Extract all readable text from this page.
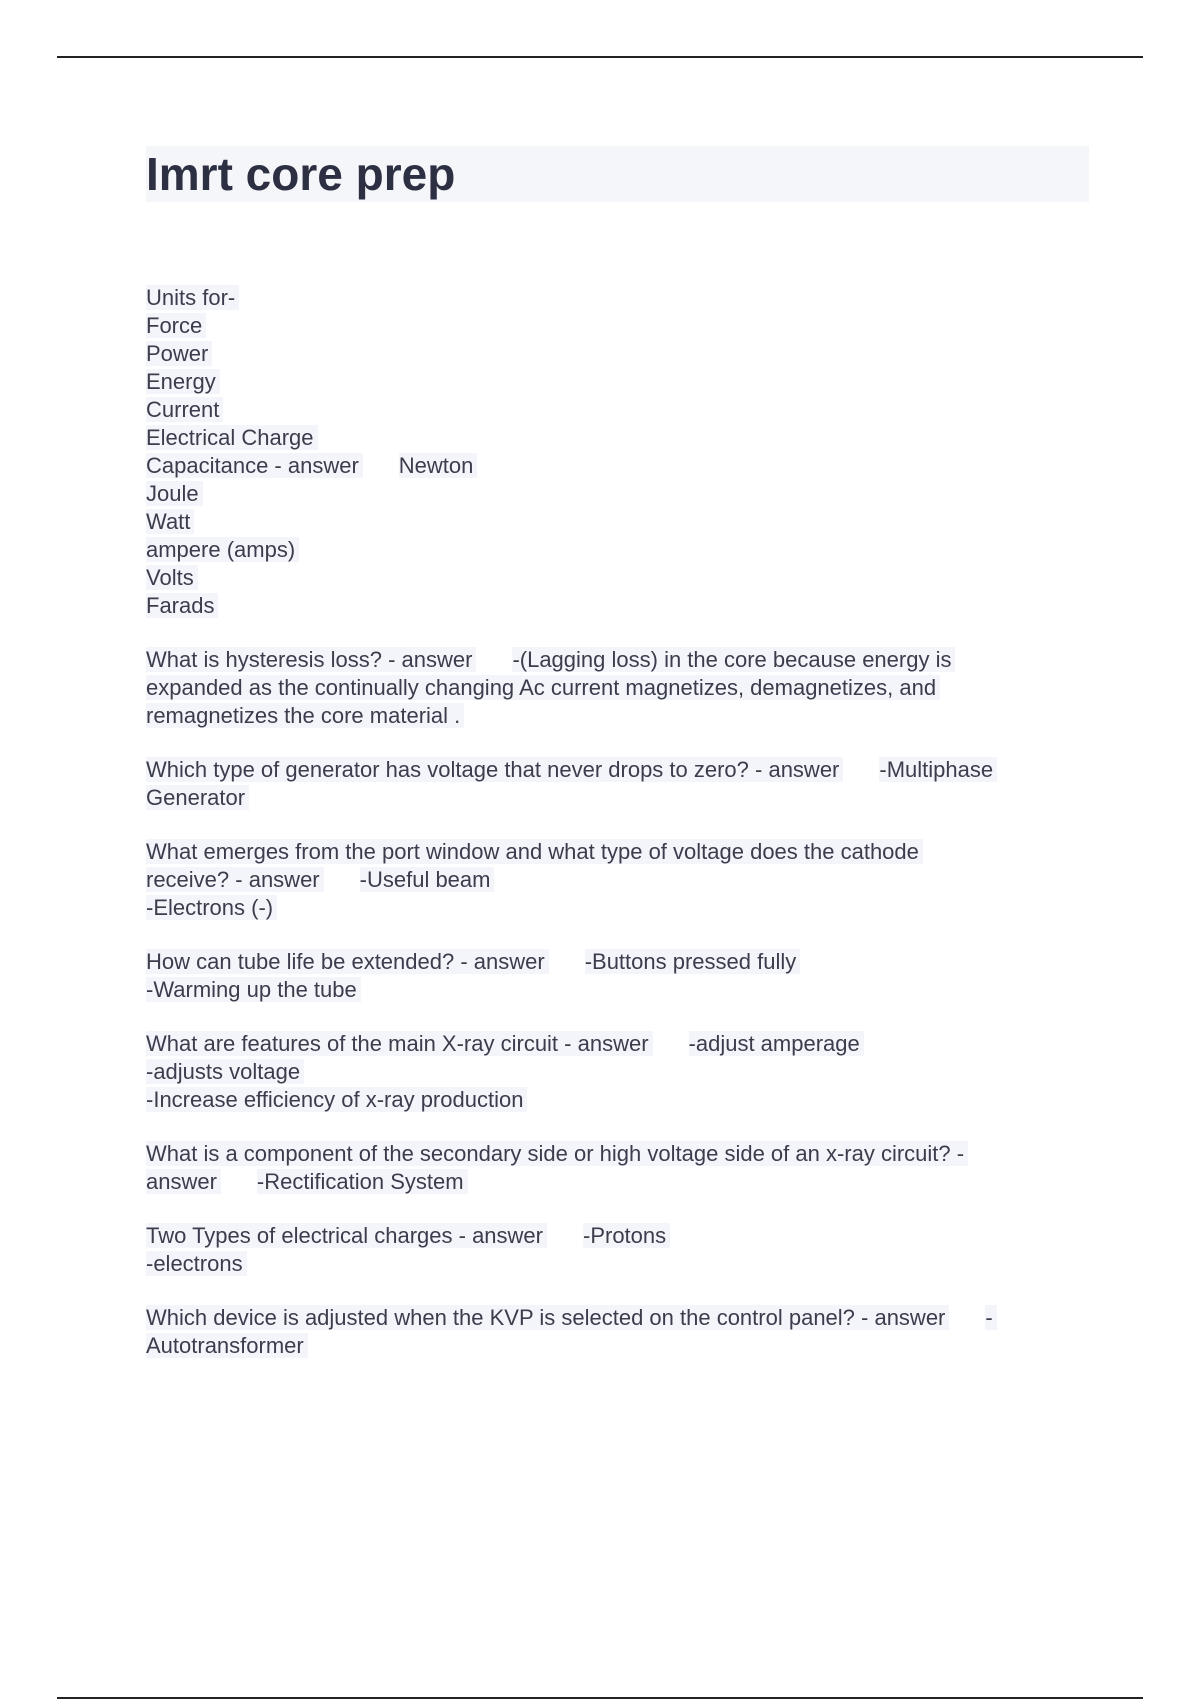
Imrt core prep
Units for-
Force
Power
Energy
Current
Electrical Charge
Capacitance - answer Newton
Joule
Watt
ampere (amps)
Volts
Farads
What is hysteresis loss? - answer -(Lagging loss) in the core because energy is
expanded as the continually changing Ac current magnetizes, demagnetizes, and
remagnetizes the core material .
Which type of generator has voltage that never drops to zero? - answer -Multiphase
Generator
What emerges from the port window and what type of voltage does the cathode
receive? - answer -Useful beam
-Electrons (-)
How can tube life be extended? - answer -Buttons pressed fully
-Warming up the tube
What are features of the main X-ray circuit - answer -adjust amperage
-adjusts voltage
-Increase efficiency of x-ray production
What is a component of the secondary side or high voltage side of an x-ray circuit? -
answer -Rectification System
Two Types of electrical charges - answer -Protons
-electrons
Which device is adjusted when the KVP is selected on the control panel? - answer -
Autotransformer
